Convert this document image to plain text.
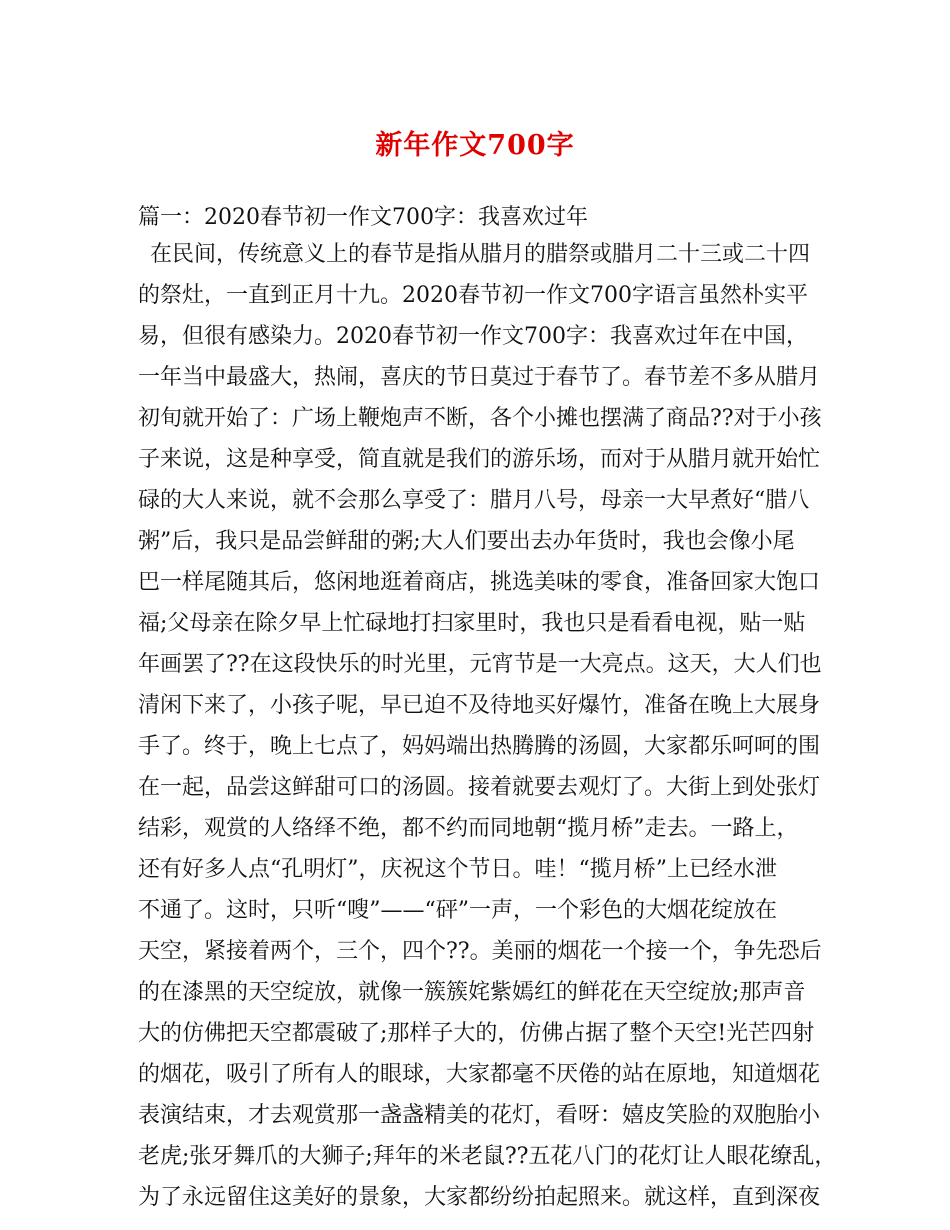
新年作文700字
篇一：2020春节初一作文700字：我喜欢过年
在民间，传统意义上的春节是指从腊月的腊祭或腊月二十三或二十四
的祭灶，一直到正月十九。2020春节初一作文700字语言虽然朴实平
易，但很有感染力。2020春节初一作文700字：我喜欢过年在中国，
一年当中最盛大，热闹，喜庆的节日莫过于春节了。春节差不多从腊月
初旬就开始了：广场上鞭炮声不断，各个小摊也摆满了商品??对于小孩
子来说，这是种享受，简直就是我们的游乐场，而对于从腊月就开始忙
碌的大人来说，就不会那么享受了：腊月八号，母亲一大早煮好“腊八
粥”后，我只是品尝鲜甜的粥;大人们要出去办年货时，我也会像小尾
巴一样尾随其后，悠闲地逛着商店，挑选美味的零食，准备回家大饱口
福;父母亲在除夕早上忙碌地打扫家里时，我也只是看看电视，贴一贴
年画罢了??在这段快乐的时光里，元宵节是一大亮点。这天，大人们也
清闲下来了，小孩子呢，早已迫不及待地买好爆竹，准备在晚上大展身
手了。终于，晚上七点了，妈妈端出热腾腾的汤圆，大家都乐呵呵的围
在一起，品尝这鲜甜可口的汤圆。接着就要去观灯了。大街上到处张灯
结彩，观赏的人络绎不绝，都不约而同地朝“揽月桥”走去。一路上，
还有好多人点“孔明灯”，庆祝这个节日。哇！“揽月桥”上已经水泄
不通了。这时，只听“嗖”——“砰”一声，一个彩色的大烟花绽放在
天空，紧接着两个，三个，四个??。美丽的烟花一个接一个，争先恐后
的在漆黑的天空绽放，就像一簇簇姹紫嫣红的鲜花在天空绽放;那声音
大的仿佛把天空都震破了;那样子大的，仿佛占据了整个天空!光芒四射
的烟花，吸引了所有人的眼球，大家都毫不厌倦的站在原地，知道烟花
表演结束，才去观赏那一盏盏精美的花灯，看呀：嬉皮笑脸的双胞胎小
老虎;张牙舞爪的大狮子;拜年的米老鼠??五花八门的花灯让人眼花缭乱，
为了永远留住这美好的景象，大家都纷纷拍起照来。就这样，直到深夜
